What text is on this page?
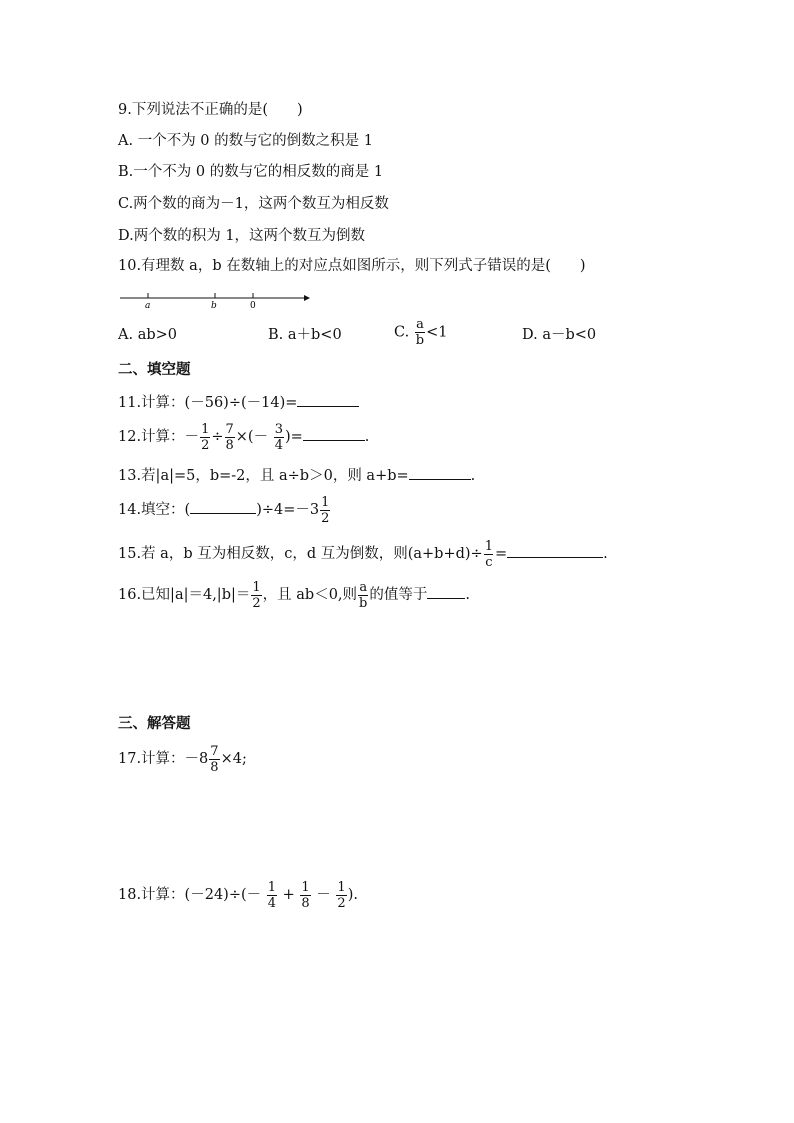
9.下列说法不正确的是(　　)
A. 一个不为 0 的数与它的倒数之积是 1
B.一个不为 0 的数与它的相反数的商是 1
C.两个数的商为－1，这两个数互为相反数
D.两个数的积为 1，这两个数互为倒数
10.有理数 a，b 在数轴上的对应点如图所示，则下列式子错误的是(　　)
a	b	0
A. ab>0	B. a＋b<0	C. $\frac{a}{b} <1$	D. a－b<0
二、填空题
11.计算：(－56)÷(－14)=
12.计算：－ $\frac{1}{2} \div \frac{7}{8}$ ×(－ $\frac{3}{4}$ )=	.
13.若|a|=5，b=-2，且 a÷b＞0，则 a+b=	.
14.填空：(	)$\div 4=-3 \frac{1}{2}$
15.若 a，b 互为相反数，c，d 互为倒数，则$(a+b+d)\div \frac{1}{c}$ =	.
16.已知$|a|=4,|b|= \frac{1}{2}$ ，且 ab＜0,则 $\frac{a}{b}$ 的值等于	.
三、解答题
17.计算：$-8 \frac{7}{8} \times 4$;
18.计算：$(-24)\div(- \frac{1}{4} + \frac{1}{8} - \frac{1}{2}$ ).
